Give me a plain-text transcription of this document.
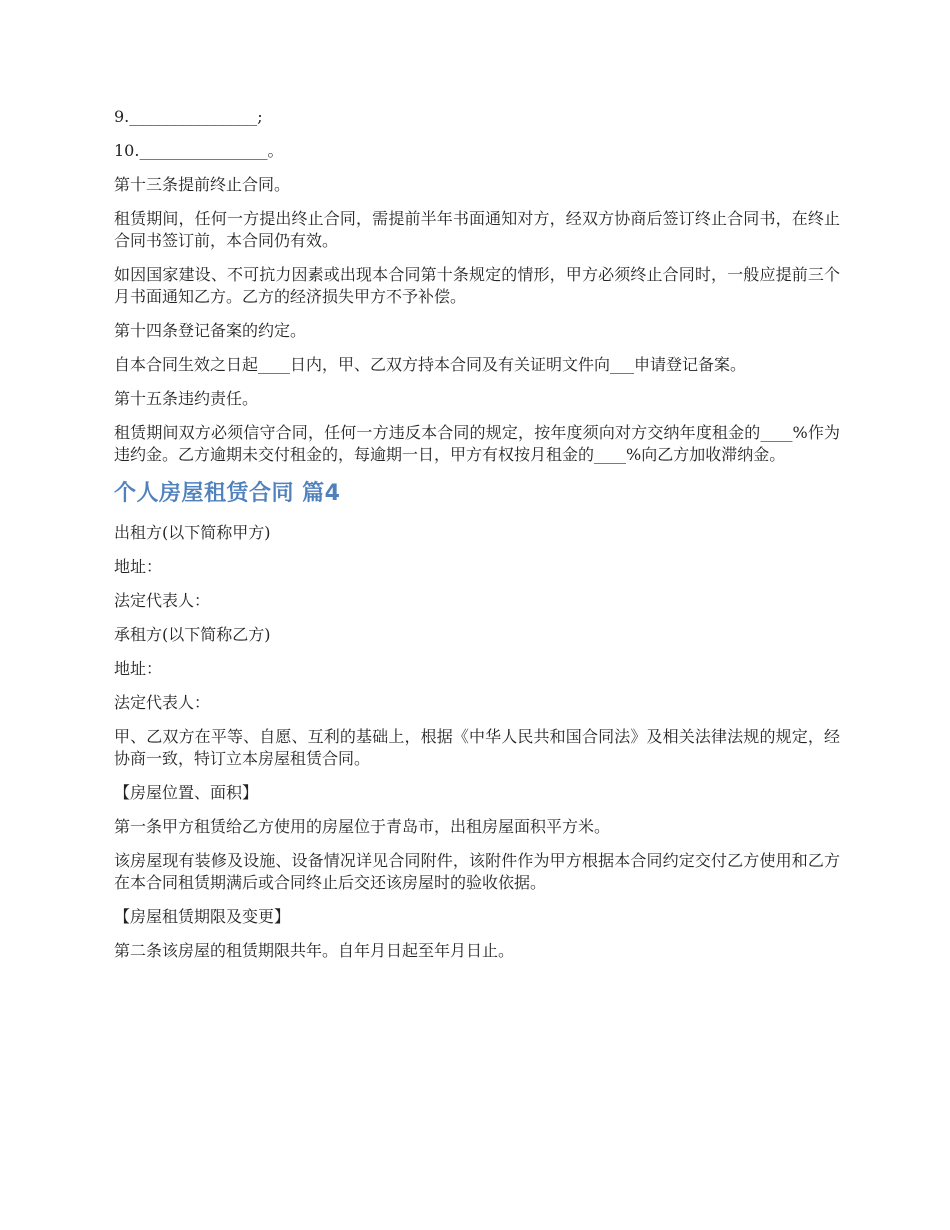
9.________________;

10.________________。

第十三条提前终止合同。

租赁期间，任何一方提出终止合同，需提前半年书面通知对方，经双方协商后签订终止合同书，在终止合同书签订前，本合同仍有效。

如因国家建设、不可抗力因素或出现本合同第十条规定的情形，甲方必须终止合同时，一般应提前三个月书面通知乙方。乙方的经济损失甲方不予补偿。

第十四条登记备案的约定。

自本合同生效之日起____日内，甲、乙双方持本合同及有关证明文件向___申请登记备案。

第十五条违约责任。

租赁期间双方必须信守合同，任何一方违反本合同的规定，按年度须向对方交纳年度租金的____%作为违约金。乙方逾期未交付租金的，每逾期一日，甲方有权按月租金的____%向乙方加收滞纳金。

个人房屋租赁合同 篇4

出租方(以下简称甲方)

地址：

法定代表人：

承租方(以下简称乙方)

地址：

法定代表人：

甲、乙双方在平等、自愿、互利的基础上，根据《中华人民共和国合同法》及相关法律法规的规定，经协商一致，特订立本房屋租赁合同。

【房屋位置、面积】

第一条甲方租赁给乙方使用的房屋位于青岛市，出租房屋面积平方米。

该房屋现有装修及设施、设备情况详见合同附件，该附件作为甲方根据本合同约定交付乙方使用和乙方在本合同租赁期满后或合同终止后交还该房屋时的验收依据。

【房屋租赁期限及变更】

第二条该房屋的租赁期限共年。自年月日起至年月日止。
